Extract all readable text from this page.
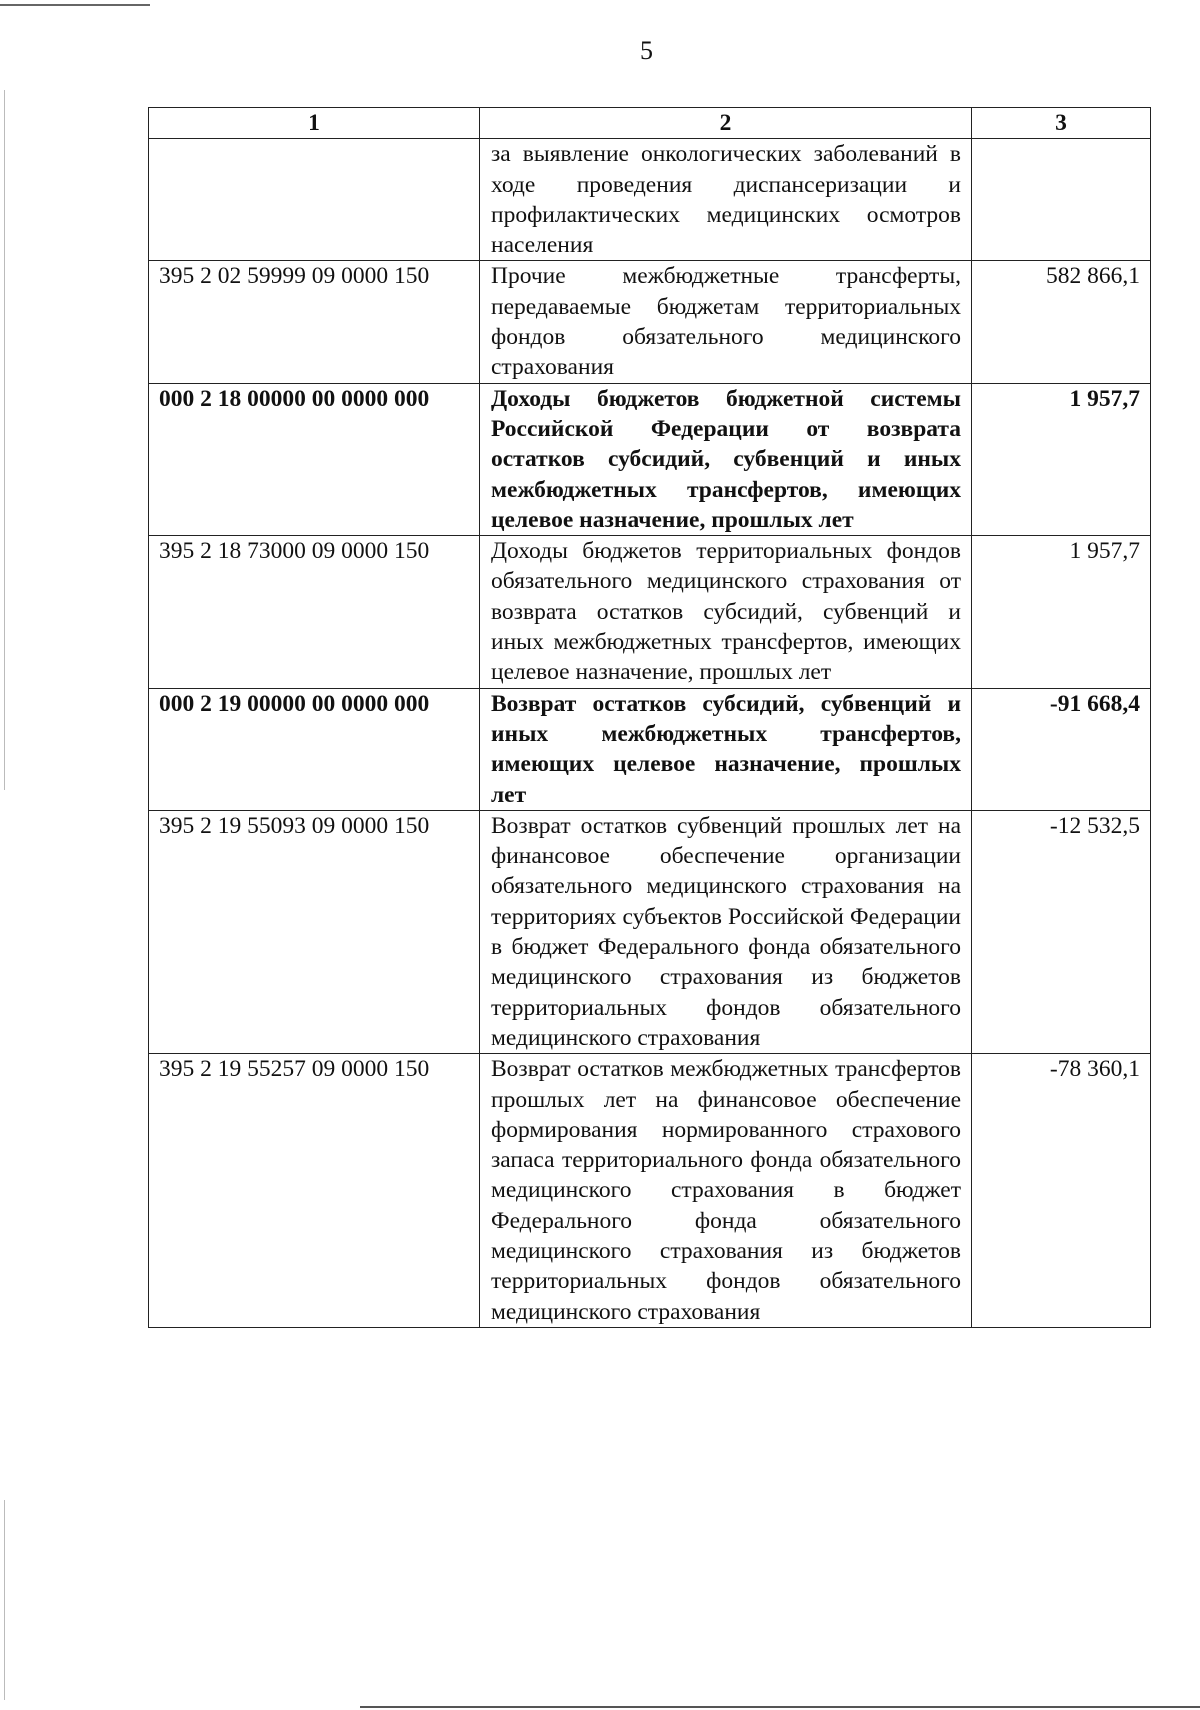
5
1	2	3
	за выявление онкологических заболеваний в ходе проведения диспансеризации и профилактических медицинских осмотров населения	
395 2 02 59999 09 0000 150	Прочие межбюджетные трансферты, передаваемые бюджетам территориальных фондов обязательного медицинского страхования	582 866,1
000 2 18 00000 00 0000 000	Доходы бюджетов бюджетной системы Российской Федерации от возврата остатков субсидий, субвенций и иных межбюджетных трансфертов, имеющих целевое назначение, прошлых лет	1 957,7
395 2 18 73000 09 0000 150	Доходы бюджетов территориальных фондов обязательного медицинского страхования от возврата остатков субсидий, субвенций и иных межбюджетных трансфертов, имеющих целевое назначение, прошлых лет	1 957,7
000 2 19 00000 00 0000 000	Возврат остатков субсидий, субвенций и иных межбюджетных трансфертов, имеющих целевое назначение, прошлых лет	-91 668,4
395 2 19 55093 09 0000 150	Возврат остатков субвенций прошлых лет на финансовое обеспечение организации обязательного медицинского страхования на территориях субъектов Российской Федерации в бюджет Федерального фонда обязательного медицинского страхования из бюджетов территориальных фондов обязательного медицинского страхования	-12 532,5
395 2 19 55257 09 0000 150	Возврат остатков межбюджетных трансфертов прошлых лет на финансовое обеспечение формирования нормированного страхового запаса территориального фонда обязательного медицинского страхования в бюджет Федерального фонда обязательного медицинского страхования из бюджетов территориальных фондов обязательного медицинского страхования	-78 360,1
